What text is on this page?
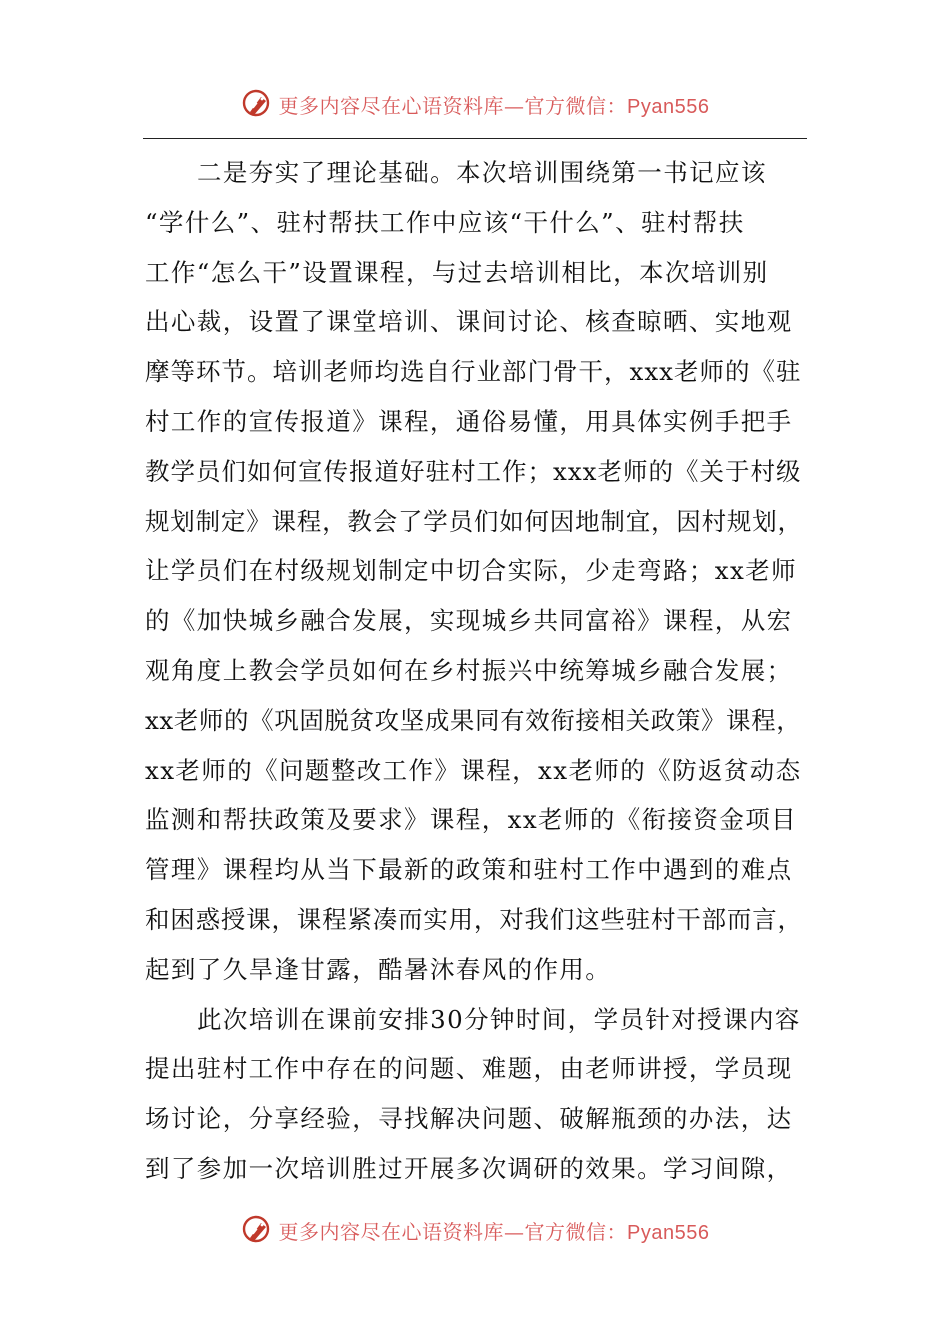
更多内容尽在心语资料库—官方微信：Pyan556
二是夯实了理论基础。本次培训围绕第一书记应该
“学什么”、驻村帮扶工作中应该“干什么”、驻村帮扶
工作“怎么干”设置课程，与过去培训相比，本次培训别
出心裁，设置了课堂培训、课间讨论、核查晾晒、实地观
摩等环节。培训老师均选自行业部门骨干，xxx老师的《驻
村工作的宣传报道》课程，通俗易懂，用具体实例手把手
教学员们如何宣传报道好驻村工作；xxx老师的《关于村级
规划制定》课程，教会了学员们如何因地制宜，因村规划，
让学员们在村级规划制定中切合实际，少走弯路；xx老师
的《加快城乡融合发展，实现城乡共同富裕》课程，从宏
观角度上教会学员如何在乡村振兴中统筹城乡融合发展；
xx老师的《巩固脱贫攻坚成果同有效衔接相关政策》课程，
xx老师的《问题整改工作》课程，xx老师的《防返贫动态
监测和帮扶政策及要求》课程，xx老师的《衔接资金项目
管理》课程均从当下最新的政策和驻村工作中遇到的难点
和困惑授课，课程紧凑而实用，对我们这些驻村干部而言，
起到了久旱逢甘露，酷暑沐春风的作用。
此次培训在课前安排30分钟时间，学员针对授课内容
提出驻村工作中存在的问题、难题，由老师讲授，学员现
场讨论，分享经验，寻找解决问题、破解瓶颈的办法，达
到了参加一次培训胜过开展多次调研的效果。学习间隙，
更多内容尽在心语资料库—官方微信：Pyan556
